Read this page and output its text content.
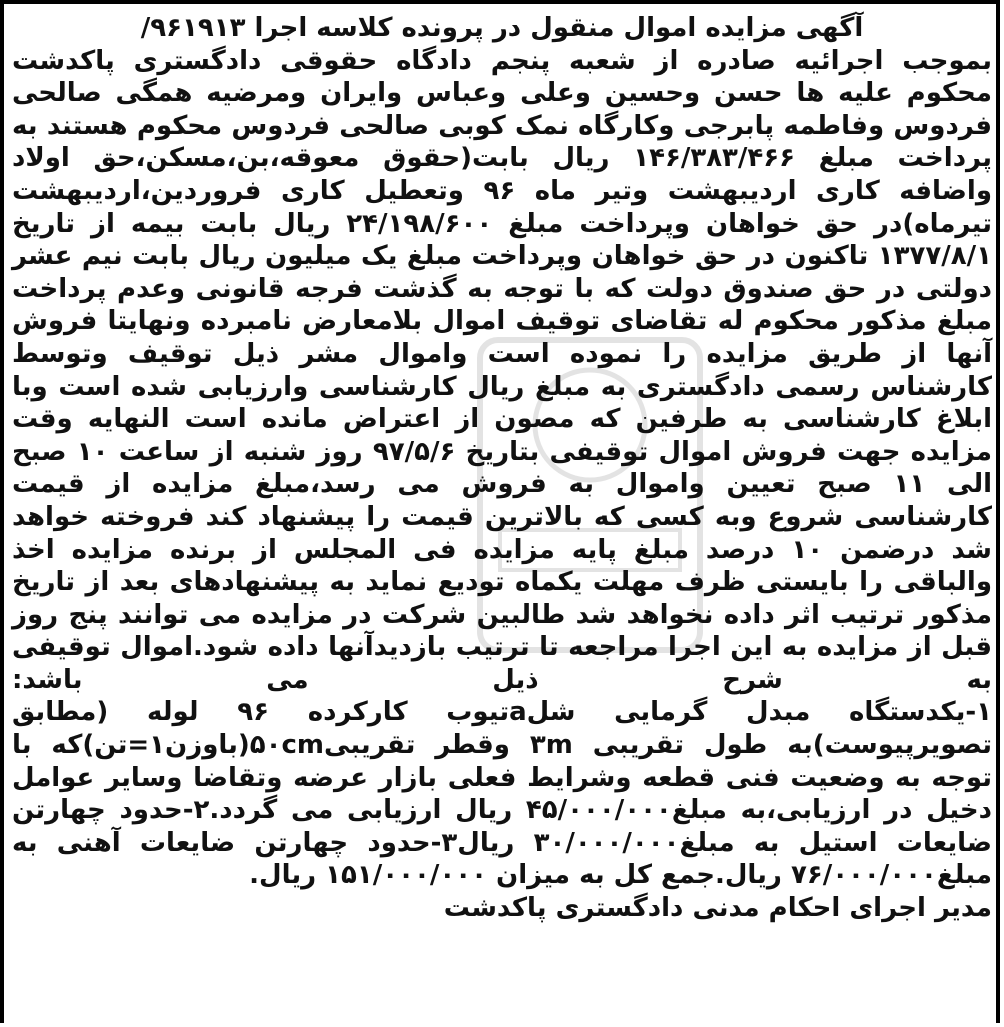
آگهی مزایده اموال منقول در پرونده کلاسه اجرا ۹۶۱۹۱۳/

بموجب اجرائیه صادره از شعبه پنجم دادگاه حقوقی دادگستری پاکدشت محکوم علیه ها حسن وحسین وعلی وعباس وایران ومرضیه همگی صالحی فردوس وفاطمه پابرجی وکارگاه نمک کوبی صالحی فردوس محکوم هستند به پرداخت مبلغ ۱۴۶/۳۸۳/۴۶۶ ریال بابت(حقوق معوقه،بن،مسکن،حق اولاد واضافه کاری اردیبهشت وتیر ماه ۹۶ وتعطیل کاری فروردین،اردیبهشت تیرماه)در حق خواهان وپرداخت مبلغ ۲۴/۱۹۸/۶۰۰ ریال بابت بیمه از تاریخ ۱۳۷۷/۸/۱ تاکنون در حق خواهان وپرداخت مبلغ یک میلیون ریال بابت نیم عشر دولتی در حق صندوق دولت که با توجه به گذشت فرجه قانونی وعدم پرداخت مبلغ مذکور محکوم له تقاضای توقیف اموال بلامعارض نامبرده ونهایتا فروش آنها از طریق مزایده را نموده است واموال مشر ذیل توقیف وتوسط کارشناس رسمی دادگستری به مبلغ ریال کارشناسی وارزیابی شده است وبا ابلاغ کارشناسی به طرفین که مصون از اعتراض مانده است النهایه وقت مزایده جهت فروش اموال توقیفی بتاریخ ۹۷/۵/۶ روز شنبه از ساعت ۱۰ صبح الی ۱۱ صبح تعیین واموال به فروش می رسد،مبلغ مزایده از قیمت کارشناسی شروع وبه کسی که بالاترین قیمت را پیشنهاد کند فروخته خواهد شد درضمن ۱۰ درصد مبلغ پایه مزایده فی المجلس از برنده مزایده اخذ والباقی را بایستی ظرف مهلت یکماه تودیع نماید به پیشنهادهای بعد از تاریخ مذکور ترتیب اثر داده نخواهد شد طالبین شرکت در مزایده می توانند پنج روز قبل از مزایده به این اجرا مراجعه تا ترتیب بازدیدآنها داده شود.اموال توقیفی به شرح ذیل می باشد:

۱-یکدستگاه مبدل گرمایی شلaتیوب کارکرده ۹۶ لوله (مطابق تصویرپیوست)به طول تقریبی ۳m وقطر تقریبی۵۰cm(باوزن۱=تن)که با توجه به وضعیت فنی قطعه وشرایط فعلی بازار عرضه وتقاضا وسایر عوامل دخیل در ارزیابی،به مبلغ۴۵/۰۰۰/۰۰۰ ریال ارزیابی می گردد.۲-حدود چهارتن ضایعات استیل به مبلغ۳۰/۰۰۰/۰۰۰ ریال۳-حدود چهارتن ضایعات آهنی به مبلغ۷۶/۰۰۰/۰۰۰ ریال.جمع کل به میزان ۱۵۱/۰۰۰/۰۰۰ ریال.

مدیر اجرای احکام مدنی دادگستری پاکدشت
